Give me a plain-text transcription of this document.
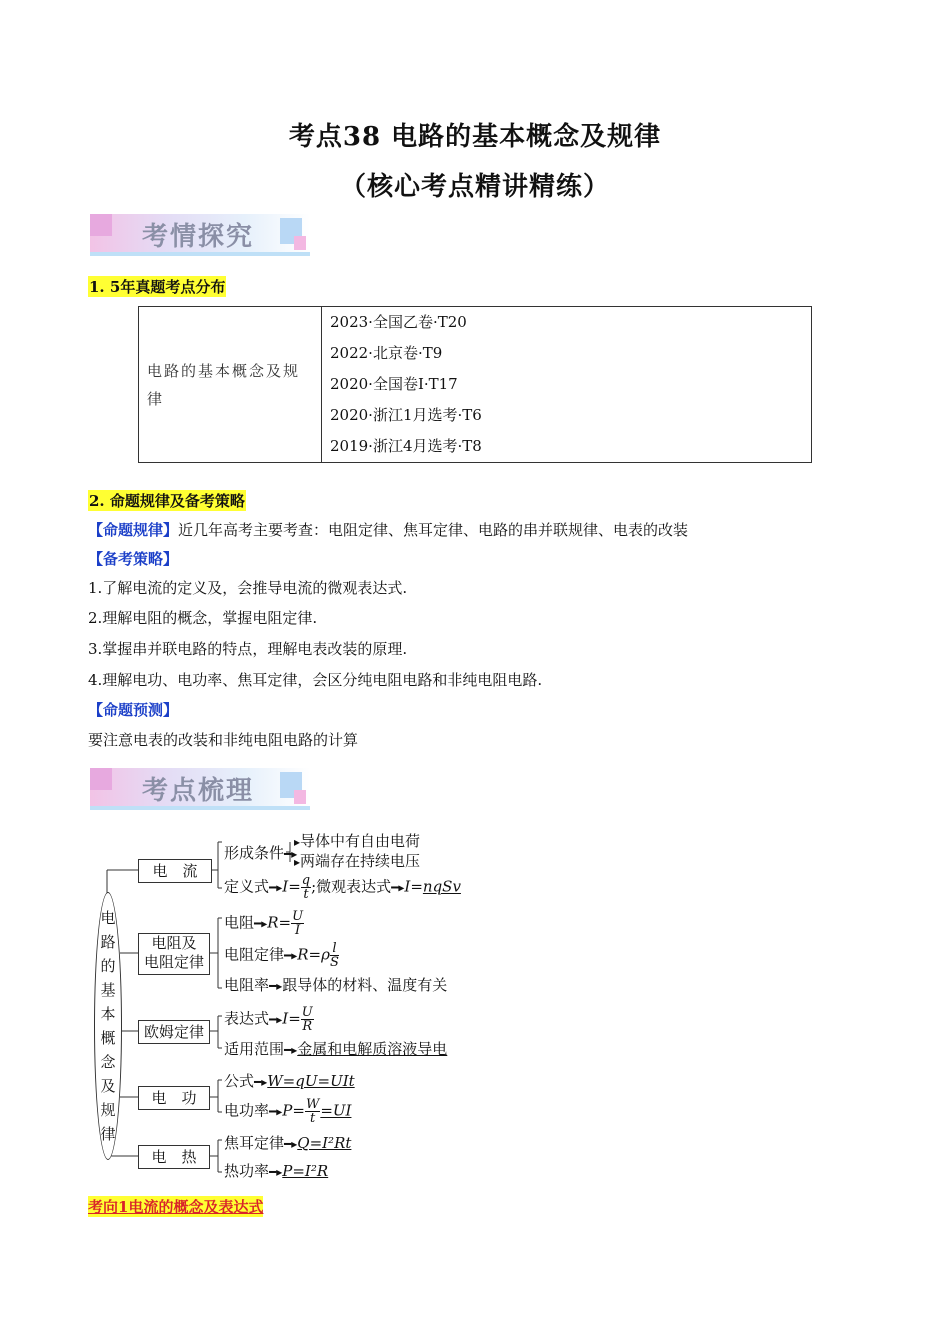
考点38 电路的基本概念及规律
（核心考点精讲精练）
考情探究
1. 5年真题考点分布
电路的基本概念及规律	
2023·全国乙卷·T20

2022·北京卷·T9

2020·全国卷Ⅰ·T17

2020·浙江1月选考·T6

2019·浙江4月选考·T8
2. 命题规律及备考策略
【命题规律】近几年高考主要考查：电阻定律、焦耳定律、电路的串并联规律、电表的改装
【备考策略】
1.了解电流的定义及，会推导电流的微观表达式.
2.理解电阻的概念，掌握电阻定律.
3.掌握串并联电路的特点，理解电表改装的原理.
4.理解电功、电功率、焦耳定律，会区分纯电阻电路和非纯电阻电路.
【命题预测】
要注意电表的改装和非纯电阻电路的计算
考点梳理
电
路
的
基
本
概
念
及
规
律
电　流
电阻及
电阻定律
欧姆定律
电　功
电　热
形成条件━▸
▸导体中有自由电荷
▸两端存在持续电压
定义式━▸I= $\frac{q}{t}$ ;微观表达式━▸I=nqSv
电阻━▸R= $\frac{U}{I}$
电阻定律━▸R=ρ $\frac{l}{S}$
电阻率━▸跟导体的材料、温度有关
表达式━▸I= $\frac{U}{R}$
适用范围━▸金属和电解质溶液导电
公式━▸W=qU=UIt
电功率━▸P= $\frac{W}{t} =UI$
焦耳定律━▸Q=I²Rt
热功率━▸P=I²R
考向1电流的概念及表达式
